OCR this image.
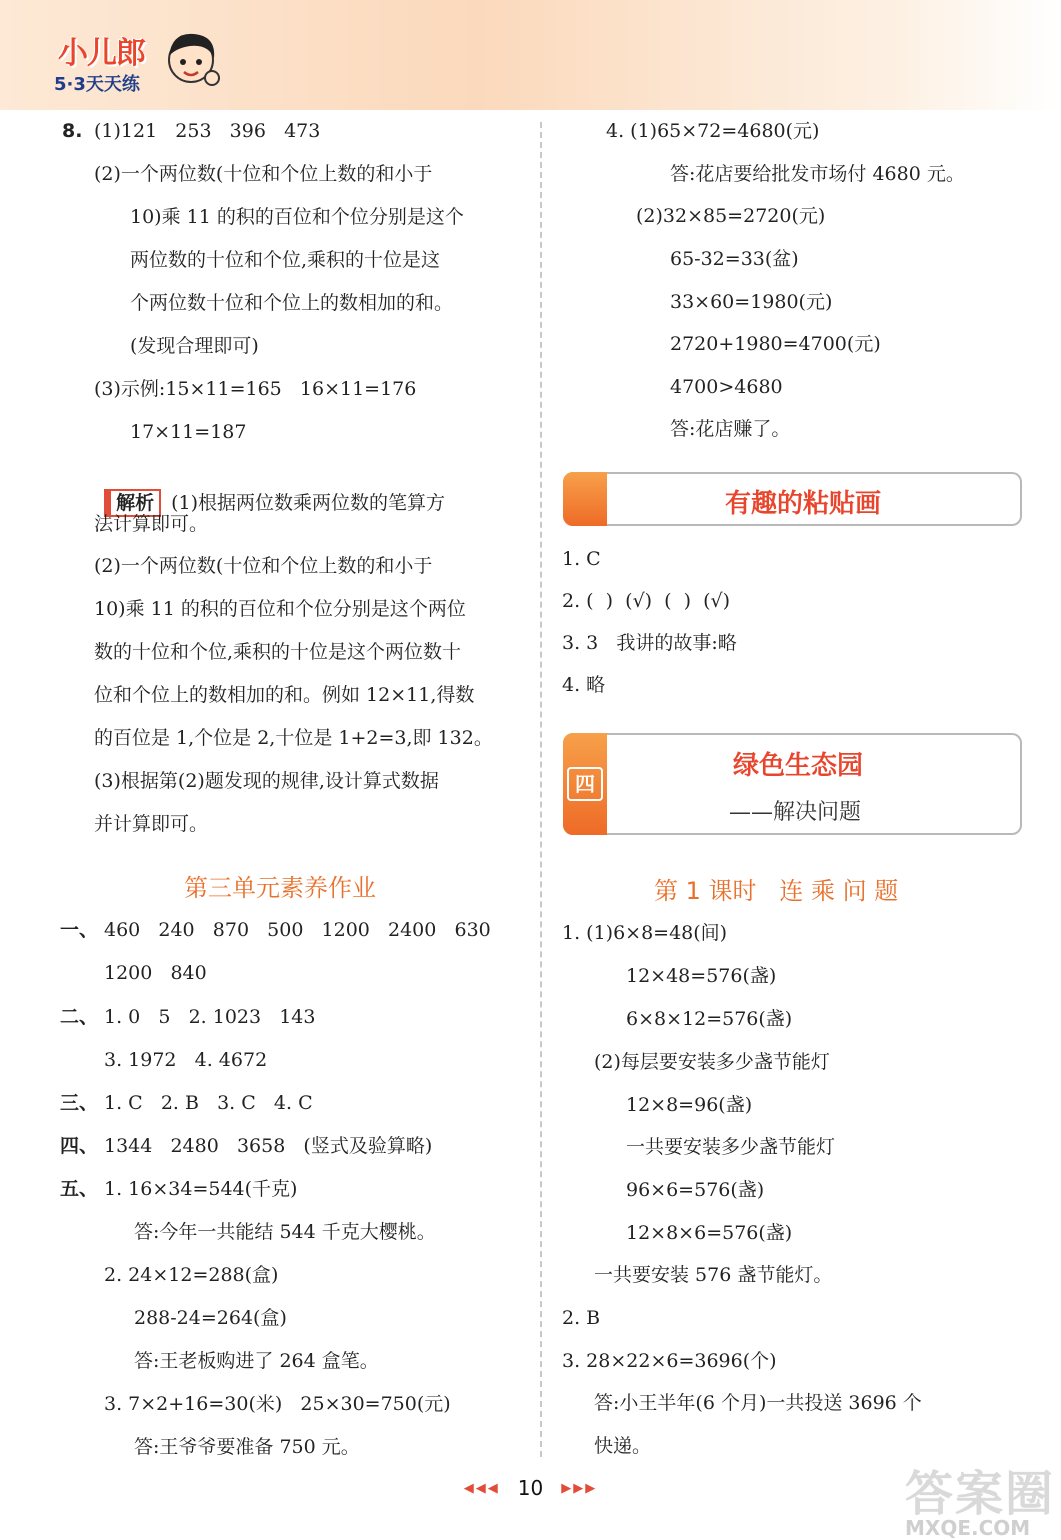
小儿郎
5·3天天练
8. (1)121   253   396   473
(2)一个两位数(十位和个位上数的和小于
10)乘 11 的积的百位和个位分别是这个
两位数的十位和个位,乘积的十位是这
个两位数十位和个位上的数相加的和。
(发现合理即可)
(3)示例:15×11=165   16×11=176
17×11=187

解析 (1)根据两位数乘两位数的笔算方

法计算即可。
(2)一个两位数(十位和个位上数的和小于
10)乘 11 的积的百位和个位分别是这个两位
数的十位和个位,乘积的十位是这个两位数十
位和个位上的数相加的和。例如 12×11,得数
的百位是 1,个位是 2,十位是 1+2=3,即 132。
(3)根据第(2)题发现的规律,设计算式数据
并计算即可。
第三单元素养作业
一、 460   240   870   500   1200   2400   630
1200   840
二、 1. 0   5   2. 1023   143
3. 1972   4. 4672
三、 1. C   2. B   3. C   4. C
四、 1344   2480   3658   (竖式及验算略)
五、 1. 16×34=544(千克)
答:今年一共能结 544 千克大樱桃。
2. 24×12=288(盒)
288-24=264(盒)
答:王老板购进了 264 盒笔。
3. 7×2+16=30(米)   25×30=750(元)
答:王爷爷要准备 750 元。
4. (1)65×72=4680(元)
答:花店要给批发市场付 4680 元。
(2)32×85=2720(元)
65-32=33(盆)
33×60=1980(元)
2720+1980=4700(元)
4700>4680
答:花店赚了。
有趣的粘贴画
1. C
2. (  )  (√)  (  )  (√)
3. 3   我讲的故事:略
4. 略
四
绿色生态园
——解决问题
第 1 课时   连 乘 问 题
1. (1)6×8=48(间)
12×48=576(盏)
6×8×12=576(盏)
(2)每层要安装多少盏节能灯
12×8=96(盏)
一共要安装多少盏节能灯
96×6=576(盏)
12×8×6=576(盏)
一共要安装 576 盏节能灯。
2. B
3. 28×22×6=3696(个)
答:小王半年(6 个月)一共投送 3696 个
快递。
◀◀◀ 10 ▶▶▶	答案圈
MXQE.COM
